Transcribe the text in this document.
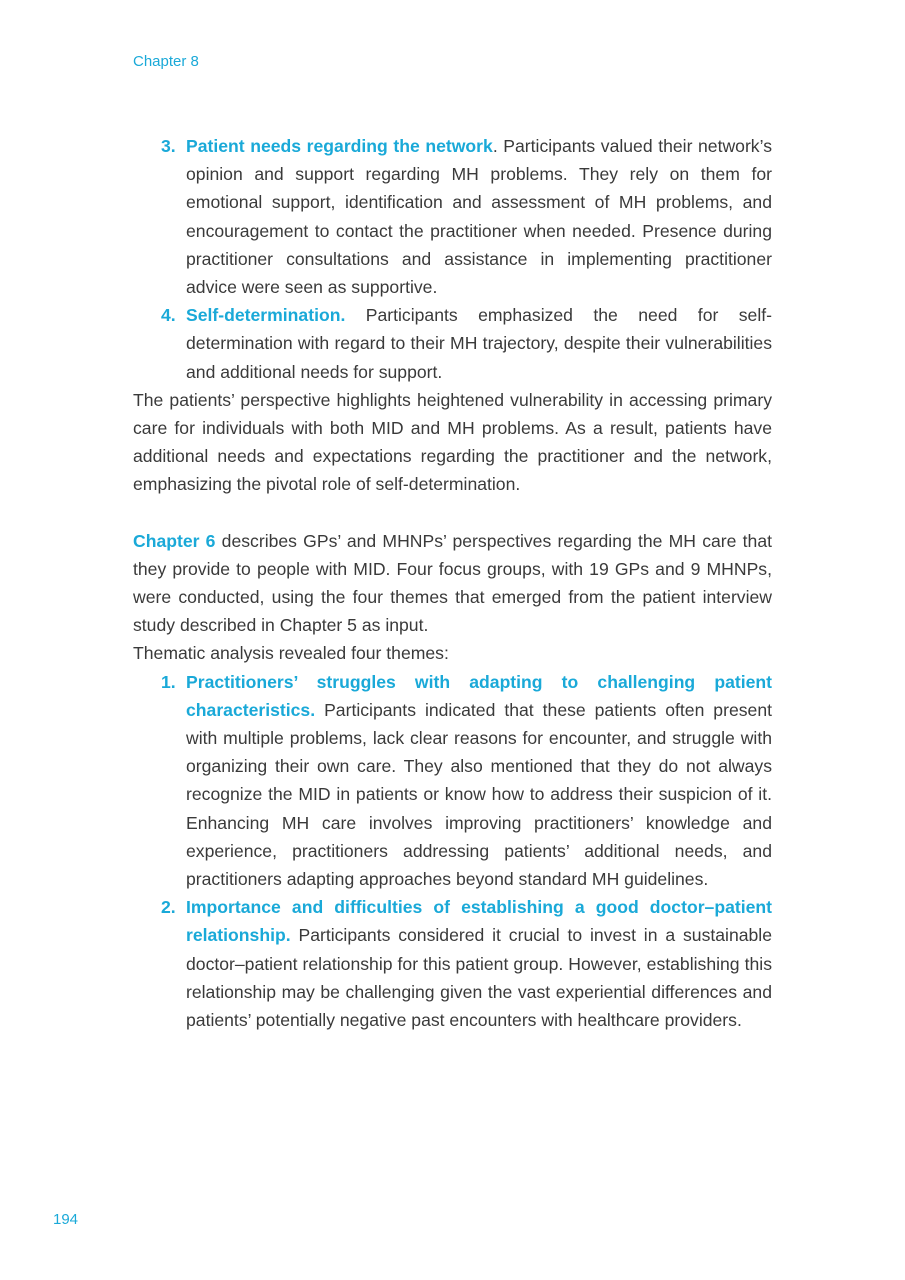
Chapter 8
3. Patient needs regarding the network. Participants valued their network’s opinion and support regarding MH problems. They rely on them for emotional support, identification and assessment of MH problems, and encouragement to contact the practitioner when needed. Presence during practitioner consultations and assistance in implementing practitioner advice were seen as supportive.
4. Self-determination. Participants emphasized the need for self-determination with regard to their MH trajectory, despite their vulnerabilities and additional needs for support.

The patients’ perspective highlights heightened vulnerability in accessing primary care for individuals with both MID and MH problems. As a result, patients have additional needs and expectations regarding the practitioner and the network, emphasizing the pivotal role of self-determination.

Chapter 6 describes GPs’ and MHNPs’ perspectives regarding the MH care that they provide to people with MID. Four focus groups, with 19 GPs and 9 MHNPs, were conducted, using the four themes that emerged from the patient interview study described in Chapter 5 as input.

Thematic analysis revealed four themes:

1. Practitioners’ struggles with adapting to challenging patient characteristics. Participants indicated that these patients often present with multiple problems, lack clear reasons for encounter, and struggle with organizing their own care. They also mentioned that they do not always recognize the MID in patients or know how to address their suspicion of it. Enhancing MH care involves improving practitioners’ knowledge and experience, practitioners addressing patients’ additional needs, and practitioners adapting approaches beyond standard MH guidelines.
2. Importance and difficulties of establishing a good doctor–patient relationship. Participants considered it crucial to invest in a sustainable doctor–patient relationship for this patient group. However, establishing this relationship may be challenging given the vast experiential differences and patients’ potentially negative past encounters with healthcare providers.
194
